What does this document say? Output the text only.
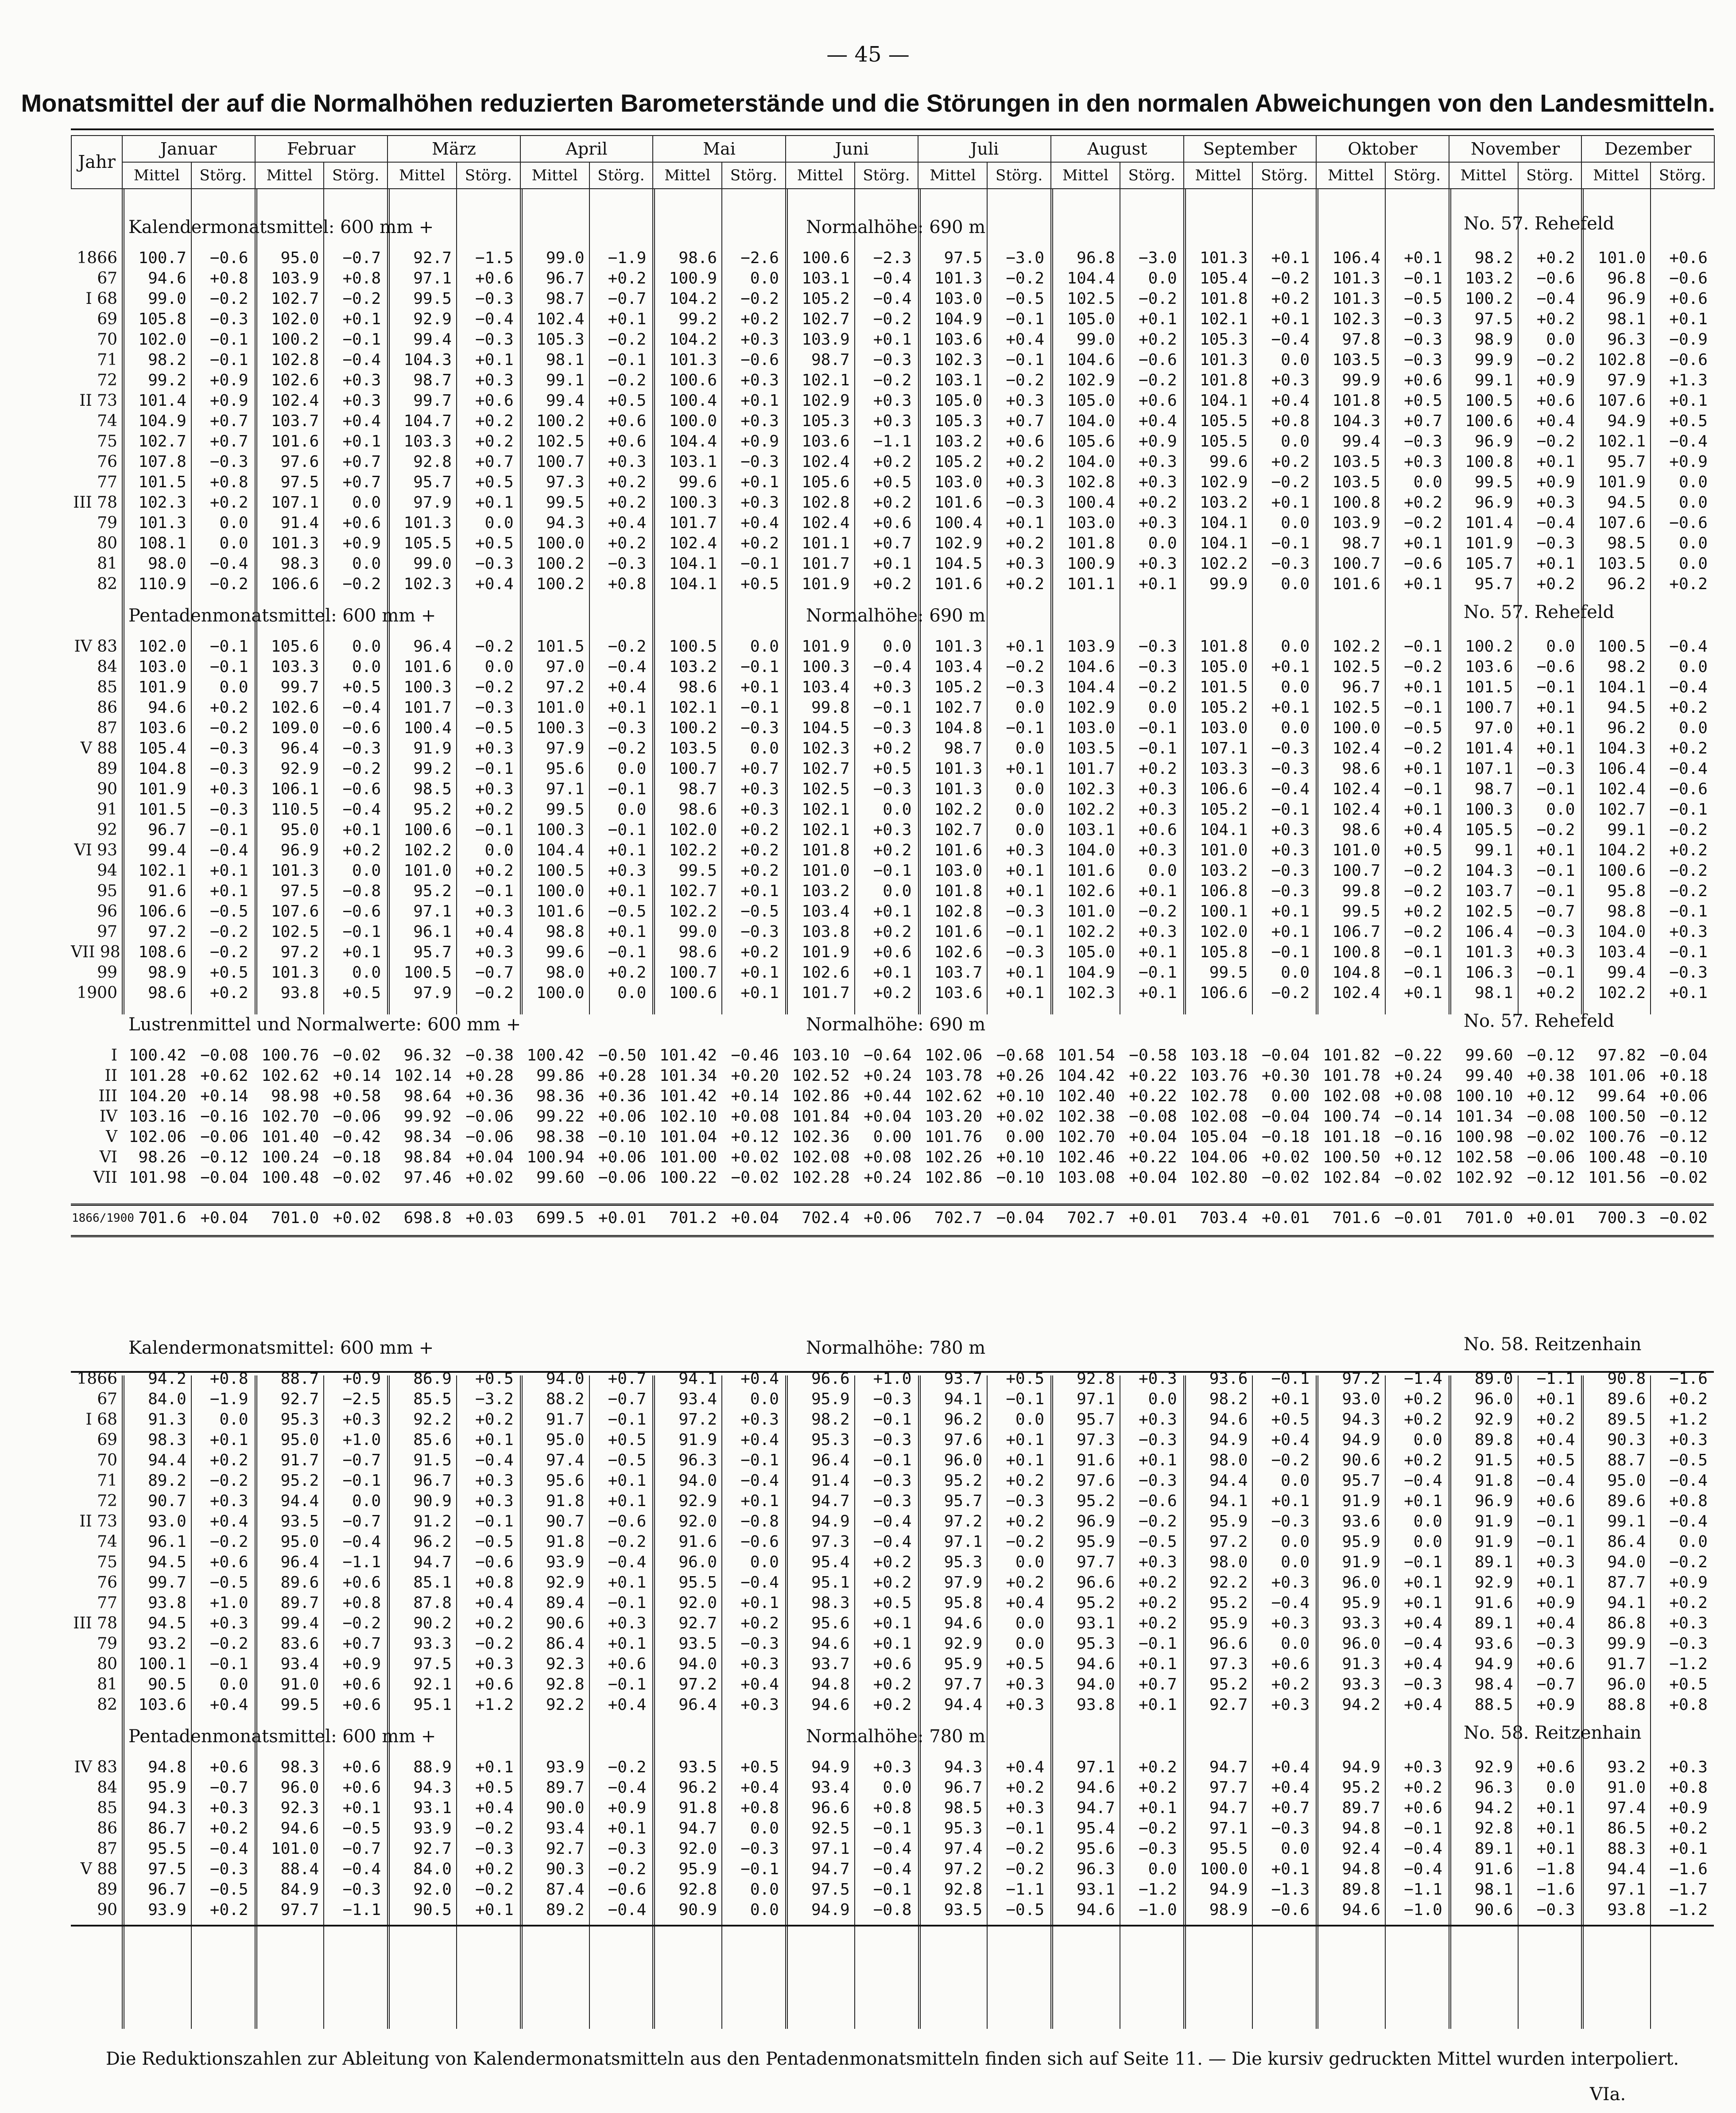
— 45 —
Monatsmittel der auf die Normalhöhen reduzierten Barometerstände und die Störungen in den normalen Abweichungen von den Landesmitteln.
Jahr	Januar		Februar		März		April		Mai		Juni		Juli		August		September		Oktober		November		Dezember	
	Mittel	Störg.	Mittel	Störg.	Mittel	Störg.	Mittel	Störg.	Mittel	Störg.	Mittel	Störg.	Mittel	Störg.	Mittel	Störg.	Mittel	Störg.	Mittel	Störg.	Mittel	Störg.	Mittel	Störg.
Kalendermonatsmittel: 600 mm +	Normalhöhe: 690 m	No. 57. Rehefeld
1866	100.7	−0.6	95.0	−0.7	92.7	−1.5	99.0	−1.9	98.6	−2.6	100.6	−2.3	97.5	−3.0	96.8	−3.0	101.3	+0.1	106.4	+0.1	98.2	+0.2	101.0	+0.6
67	94.6	+0.8	103.9	+0.8	97.1	+0.6	96.7	+0.2	100.9	0.0	103.1	−0.4	101.3	−0.2	104.4	0.0	105.4	−0.2	101.3	−0.1	103.2	−0.6	96.8	−0.6
I 68	99.0	−0.2	102.7	−0.2	99.5	−0.3	98.7	−0.7	104.2	−0.2	105.2	−0.4	103.0	−0.5	102.5	−0.2	101.8	+0.2	101.3	−0.5	100.2	−0.4	96.9	+0.6
69	105.8	−0.3	102.0	+0.1	92.9	−0.4	102.4	+0.1	99.2	+0.2	102.7	−0.2	104.9	−0.1	105.0	+0.1	102.1	+0.1	102.3	−0.3	97.5	+0.2	98.1	+0.1
70	102.0	−0.1	100.2	−0.1	99.4	−0.3	105.3	−0.2	104.2	+0.3	103.9	+0.1	103.6	+0.4	99.0	+0.2	105.3	−0.4	97.8	−0.3	98.9	0.0	96.3	−0.9
71	98.2	−0.1	102.8	−0.4	104.3	+0.1	98.1	−0.1	101.3	−0.6	98.7	−0.3	102.3	−0.1	104.6	−0.6	101.3	0.0	103.5	−0.3	99.9	−0.2	102.8	−0.6
72	99.2	+0.9	102.6	+0.3	98.7	+0.3	99.1	−0.2	100.6	+0.3	102.1	−0.2	103.1	−0.2	102.9	−0.2	101.8	+0.3	99.9	+0.6	99.1	+0.9	97.9	+1.3
II 73	101.4	+0.9	102.4	+0.3	99.7	+0.6	99.4	+0.5	100.4	+0.1	102.9	+0.3	105.0	+0.3	105.0	+0.6	104.1	+0.4	101.8	+0.5	100.5	+0.6	107.6	+0.1
74	104.9	+0.7	103.7	+0.4	104.7	+0.2	100.2	+0.6	100.0	+0.3	105.3	+0.3	105.3	+0.7	104.0	+0.4	105.5	+0.8	104.3	+0.7	100.6	+0.4	94.9	+0.5
75	102.7	+0.7	101.6	+0.1	103.3	+0.2	102.5	+0.6	104.4	+0.9	103.6	−1.1	103.2	+0.6	105.6	+0.9	105.5	0.0	99.4	−0.3	96.9	−0.2	102.1	−0.4
76	107.8	−0.3	97.6	+0.7	92.8	+0.7	100.7	+0.3	103.1	−0.3	102.4	+0.2	105.2	+0.2	104.0	+0.3	99.6	+0.2	103.5	+0.3	100.8	+0.1	95.7	+0.9
77	101.5	+0.8	97.5	+0.7	95.7	+0.5	97.3	+0.2	99.6	+0.1	105.6	+0.5	103.0	+0.3	102.8	+0.3	102.9	−0.2	103.5	0.0	99.5	+0.9	101.9	0.0
III 78	102.3	+0.2	107.1	0.0	97.9	+0.1	99.5	+0.2	100.3	+0.3	102.8	+0.2	101.6	−0.3	100.4	+0.2	103.2	+0.1	100.8	+0.2	96.9	+0.3	94.5	0.0
79	101.3	0.0	91.4	+0.6	101.3	0.0	94.3	+0.4	101.7	+0.4	102.4	+0.6	100.4	+0.1	103.0	+0.3	104.1	0.0	103.9	−0.2	101.4	−0.4	107.6	−0.6
80	108.1	0.0	101.3	+0.9	105.5	+0.5	100.0	+0.2	102.4	+0.2	101.1	+0.7	102.9	+0.2	101.8	0.0	104.1	−0.1	98.7	+0.1	101.9	−0.3	98.5	0.0
81	98.0	−0.4	98.3	0.0	99.0	−0.3	100.2	−0.3	104.1	−0.1	101.7	+0.1	104.5	+0.3	100.9	+0.3	102.2	−0.3	100.7	−0.6	105.7	+0.1	103.5	0.0
82	110.9	−0.2	106.6	−0.2	102.3	+0.4	100.2	+0.8	104.1	+0.5	101.9	+0.2	101.6	+0.2	101.1	+0.1	99.9	0.0	101.6	+0.1	95.7	+0.2	96.2	+0.2
Pentadenmonatsmittel: 600 mm +	Normalhöhe: 690 m	No. 57. Rehefeld
IV 83	102.0	−0.1	105.6	0.0	96.4	−0.2	101.5	−0.2	100.5	0.0	101.9	0.0	101.3	+0.1	103.9	−0.3	101.8	0.0	102.2	−0.1	100.2	0.0	100.5	−0.4
84	103.0	−0.1	103.3	0.0	101.6	0.0	97.0	−0.4	103.2	−0.1	100.3	−0.4	103.4	−0.2	104.6	−0.3	105.0	+0.1	102.5	−0.2	103.6	−0.6	98.2	0.0
85	101.9	0.0	99.7	+0.5	100.3	−0.2	97.2	+0.4	98.6	+0.1	103.4	+0.3	105.2	−0.3	104.4	−0.2	101.5	0.0	96.7	+0.1	101.5	−0.1	104.1	−0.4
86	94.6	+0.2	102.6	−0.4	101.7	−0.3	101.0	+0.1	102.1	−0.1	99.8	−0.1	102.7	0.0	102.9	0.0	105.2	+0.1	102.5	−0.1	100.7	+0.1	94.5	+0.2
87	103.6	−0.2	109.0	−0.6	100.4	−0.5	100.3	−0.3	100.2	−0.3	104.5	−0.3	104.8	−0.1	103.0	−0.1	103.0	0.0	100.0	−0.5	97.0	+0.1	96.2	0.0
V 88	105.4	−0.3	96.4	−0.3	91.9	+0.3	97.9	−0.2	103.5	0.0	102.3	+0.2	98.7	0.0	103.5	−0.1	107.1	−0.3	102.4	−0.2	101.4	+0.1	104.3	+0.2
89	104.8	−0.3	92.9	−0.2	99.2	−0.1	95.6	0.0	100.7	+0.7	102.7	+0.5	101.3	+0.1	101.7	+0.2	103.3	−0.3	98.6	+0.1	107.1	−0.3	106.4	−0.4
90	101.9	+0.3	106.1	−0.6	98.5	+0.3	97.1	−0.1	98.7	+0.3	102.5	−0.3	101.3	0.0	102.3	+0.3	106.6	−0.4	102.4	−0.1	98.7	−0.1	102.4	−0.6
91	101.5	−0.3	110.5	−0.4	95.2	+0.2	99.5	0.0	98.6	+0.3	102.1	0.0	102.2	0.0	102.2	+0.3	105.2	−0.1	102.4	+0.1	100.3	0.0	102.7	−0.1
92	96.7	−0.1	95.0	+0.1	100.6	−0.1	100.3	−0.1	102.0	+0.2	102.1	+0.3	102.7	0.0	103.1	+0.6	104.1	+0.3	98.6	+0.4	105.5	−0.2	99.1	−0.2
VI 93	99.4	−0.4	96.9	+0.2	102.2	0.0	104.4	+0.1	102.2	+0.2	101.8	+0.2	101.6	+0.3	104.0	+0.3	101.0	+0.3	101.0	+0.5	99.1	+0.1	104.2	+0.2
94	102.1	+0.1	101.3	0.0	101.0	+0.2	100.5	+0.3	99.5	+0.2	101.0	−0.1	103.0	+0.1	101.6	0.0	103.2	−0.3	100.7	−0.2	104.3	−0.1	100.6	−0.2
95	91.6	+0.1	97.5	−0.8	95.2	−0.1	100.0	+0.1	102.7	+0.1	103.2	0.0	101.8	+0.1	102.6	+0.1	106.8	−0.3	99.8	−0.2	103.7	−0.1	95.8	−0.2
96	106.6	−0.5	107.6	−0.6	97.1	+0.3	101.6	−0.5	102.2	−0.5	103.4	+0.1	102.8	−0.3	101.0	−0.2	100.1	+0.1	99.5	+0.2	102.5	−0.7	98.8	−0.1
97	97.2	−0.2	102.5	−0.1	96.1	+0.4	98.8	+0.1	99.0	−0.3	103.8	+0.2	101.6	−0.1	102.2	+0.3	102.0	+0.1	106.7	−0.2	106.4	−0.3	104.0	+0.3
VII 98	108.6	−0.2	97.2	+0.1	95.7	+0.3	99.6	−0.1	98.6	+0.2	101.9	+0.6	102.6	−0.3	105.0	+0.1	105.8	−0.1	100.8	−0.1	101.3	+0.3	103.4	−0.1
99	98.9	+0.5	101.3	0.0	100.5	−0.7	98.0	+0.2	100.7	+0.1	102.6	+0.1	103.7	+0.1	104.9	−0.1	99.5	0.0	104.8	−0.1	106.3	−0.1	99.4	−0.3
1900	98.6	+0.2	93.8	+0.5	97.9	−0.2	100.0	0.0	100.6	+0.1	101.7	+0.2	103.6	+0.1	102.3	+0.1	106.6	−0.2	102.4	+0.1	98.1	+0.2	102.2	+0.1
Lustrenmittel und Normalwerte: 600 mm +	Normalhöhe: 690 m	No. 57. Rehefeld
I 100.42 −0.08 100.76 −0.02	96.32 −0.38 100.42 −0.50 101.42 −0.46 103.10 −0.64 102.06 −0.68 101.54 −0.58 103.18 −0.04 101.82 −0.22	99.60 −0.12	97.82 −0.04
II 101.28 +0.62 102.62 +0.14 102.14 +0.28	99.86 +0.28 101.34 +0.20 102.52 +0.24 103.78 +0.26 104.42 +0.22 103.76 +0.30 101.78 +0.24	99.40 +0.38 101.06 +0.18
III 104.20 +0.14	98.98 +0.58	98.64 +0.36	98.36 +0.36 101.42 +0.14 102.86 +0.44 102.62 +0.10 102.40 +0.22 102.78	0.00 102.08 +0.08 100.10 +0.12	99.64 +0.06
IV 103.16 −0.16 102.70 −0.06	99.92 −0.06	99.22 +0.06 102.10 +0.08 101.84 +0.04 103.20 +0.02 102.38 −0.08 102.08 −0.04 100.74 −0.14 101.34 −0.08 100.50 −0.12
V 102.06 −0.06 101.40 −0.42	98.34 −0.06	98.38 −0.10 101.04 +0.12 102.36	0.00 101.76	0.00 102.70 +0.04 105.04 −0.18 101.18 −0.16 100.98 −0.02 100.76 −0.12
VI	98.26 −0.12 100.24 −0.18	98.84 +0.04 100.94 +0.06 101.00 +0.02 102.08 +0.08 102.26 +0.10 102.46 +0.22 104.06 +0.02 100.50 +0.12 102.58 −0.06 100.48 −0.10
VII 101.98 −0.04 100.48 −0.02	97.46 +0.02	99.60 −0.06 100.22 −0.02 102.28 +0.24 102.86 −0.10 103.08 +0.04 102.80 −0.02 102.84 −0.02 102.92 −0.12 101.56 −0.02
1866/1900 701.6 +0.04	701.0 +0.02	698.8 +0.03	699.5 +0.01	701.2 +0.04	702.4 +0.06	702.7 −0.04	702.7 +0.01	703.4 +0.01	701.6 −0.01	701.0 +0.01	700.3 −0.02
Kalendermonatsmittel: 600 mm +	Normalhöhe: 780 m	No. 58. Reitzenhain
1866	94.2	+0.8	88.7	+0.9	86.9	+0.5	94.0	+0.7	94.1	+0.4	96.6	+1.0	93.7	+0.5	92.8	+0.3	93.6	−0.1	97.2	−1.4	89.0	−1.1	90.8	−1.6
67	84.0	−1.9	92.7	−2.5	85.5	−3.2	88.2	−0.7	93.4	0.0	95.9	−0.3	94.1	−0.1	97.1	0.0	98.2	+0.1	93.0	+0.2	96.0	+0.1	89.6	+0.2
I 68	91.3	0.0	95.3	+0.3	92.2	+0.2	91.7	−0.1	97.2	+0.3	98.2	−0.1	96.2	0.0	95.7	+0.3	94.6	+0.5	94.3	+0.2	92.9	+0.2	89.5	+1.2
69	98.3	+0.1	95.0	+1.0	85.6	+0.1	95.0	+0.5	91.9	+0.4	95.3	−0.3	97.6	+0.1	97.3	−0.3	94.9	+0.4	94.9	0.0	89.8	+0.4	90.3	+0.3
70	94.4	+0.2	91.7	−0.7	91.5	−0.4	97.4	−0.5	96.3	−0.1	96.4	−0.1	96.0	+0.1	91.6	+0.1	98.0	−0.2	90.6	+0.2	91.5	+0.5	88.7	−0.5
71	89.2	−0.2	95.2	−0.1	96.7	+0.3	95.6	+0.1	94.0	−0.4	91.4	−0.3	95.2	+0.2	97.6	−0.3	94.4	0.0	95.7	−0.4	91.8	−0.4	95.0	−0.4
72	90.7	+0.3	94.4	0.0	90.9	+0.3	91.8	+0.1	92.9	+0.1	94.7	−0.3	95.7	−0.3	95.2	−0.6	94.1	+0.1	91.9	+0.1	96.9	+0.6	89.6	+0.8
II 73	93.0	+0.4	93.5	−0.7	91.2	−0.1	90.7	−0.6	92.0	−0.8	94.9	−0.4	97.2	+0.2	96.9	−0.2	95.9	−0.3	93.6	0.0	91.9	−0.1	99.1	−0.4
74	96.1	−0.2	95.0	−0.4	96.2	−0.5	91.8	−0.2	91.6	−0.6	97.3	−0.4	97.1	−0.2	95.9	−0.5	97.2	0.0	95.9	0.0	91.9	−0.1	86.4	0.0
75	94.5	+0.6	96.4	−1.1	94.7	−0.6	93.9	−0.4	96.0	0.0	95.4	+0.2	95.3	0.0	97.7	+0.3	98.0	0.0	91.9	−0.1	89.1	+0.3	94.0	−0.2
76	99.7	−0.5	89.6	+0.6	85.1	+0.8	92.9	+0.1	95.5	−0.4	95.1	+0.2	97.9	+0.2	96.6	+0.2	92.2	+0.3	96.0	+0.1	92.9	+0.1	87.7	+0.9
77	93.8	+1.0	89.7	+0.8	87.8	+0.4	89.4	−0.1	92.0	+0.1	98.3	+0.5	95.8	+0.4	95.2	+0.2	95.2	−0.4	95.9	+0.1	91.6	+0.9	94.1	+0.2
III 78	94.5	+0.3	99.4	−0.2	90.2	+0.2	90.6	+0.3	92.7	+0.2	95.6	+0.1	94.6	0.0	93.1	+0.2	95.9	+0.3	93.3	+0.4	89.1	+0.4	86.8	+0.3
79	93.2	−0.2	83.6	+0.7	93.3	−0.2	86.4	+0.1	93.5	−0.3	94.6	+0.1	92.9	0.0	95.3	−0.1	96.6	0.0	96.0	−0.4	93.6	−0.3	99.9	−0.3
80	100.1	−0.1	93.4	+0.9	97.5	+0.3	92.3	+0.6	94.0	+0.3	93.7	+0.6	95.9	+0.5	94.6	+0.1	97.3	+0.6	91.3	+0.4	94.9	+0.6	91.7	−1.2
81	90.5	0.0	91.0	+0.6	92.1	+0.6	92.8	−0.1	97.2	+0.4	94.8	+0.2	97.7	+0.3	94.0	+0.7	95.2	+0.2	93.3	−0.3	98.4	−0.7	96.0	+0.5
82	103.6	+0.4	99.5	+0.6	95.1	+1.2	92.2	+0.4	96.4	+0.3	94.6	+0.2	94.4	+0.3	93.8	+0.1	92.7	+0.3	94.2	+0.4	88.5	+0.9	88.8	+0.8
Pentadenmonatsmittel: 600 mm +	Normalhöhe: 780 m	No. 58. Reitzenhain
IV 83	94.8	+0.6	98.3	+0.6	88.9	+0.1	93.9	−0.2	93.5	+0.5	94.9	+0.3	94.3	+0.4	97.1	+0.2	94.7	+0.4	94.9	+0.3	92.9	+0.6	93.2	+0.3
84	95.9	−0.7	96.0	+0.6	94.3	+0.5	89.7	−0.4	96.2	+0.4	93.4	0.0	96.7	+0.2	94.6	+0.2	97.7	+0.4	95.2	+0.2	96.3	0.0	91.0	+0.8
85	94.3	+0.3	92.3	+0.1	93.1	+0.4	90.0	+0.9	91.8	+0.8	96.6	+0.8	98.5	+0.3	94.7	+0.1	94.7	+0.7	89.7	+0.6	94.2	+0.1	97.4	+0.9
86	86.7	+0.2	94.6	−0.5	93.9	−0.2	93.4	+0.1	94.7	0.0	92.5	−0.1	95.3	−0.1	95.4	−0.2	97.1	−0.3	94.8	−0.1	92.8	+0.1	86.5	+0.2
87	95.5	−0.4	101.0	−0.7	92.7	−0.3	92.7	−0.3	92.0	−0.3	97.1	−0.4	97.4	−0.2	95.6	−0.3	95.5	0.0	92.4	−0.4	89.1	+0.1	88.3	+0.1
V 88	97.5	−0.3	88.4	−0.4	84.0	+0.2	90.3	−0.2	95.9	−0.1	94.7	−0.4	97.2	−0.2	96.3	0.0	100.0	+0.1	94.8	−0.4	91.6	−1.8	94.4	−1.6
89	96.7	−0.5	84.9	−0.3	92.0	−0.2	87.4	−0.6	92.8	0.0	97.5	−0.1	92.8	−1.1	93.1	−1.2	94.9	−1.3	89.8	−1.1	98.1	−1.6	97.1	−1.7
90	93.9	+0.2	97.7	−1.1	90.5	+0.1	89.2	−0.4	90.9	0.0	94.9	−0.8	93.5	−0.5	94.6	−1.0	98.9	−0.6	94.6	−1.0	90.6	−0.3	93.8	−1.2
Die Reduktionszahlen zur Ableitung von Kalendermonatsmitteln aus den Pentadenmonatsmitteln finden sich auf Seite 11. — Die kursiv gedruckten Mittel wurden interpoliert.
VIa.
